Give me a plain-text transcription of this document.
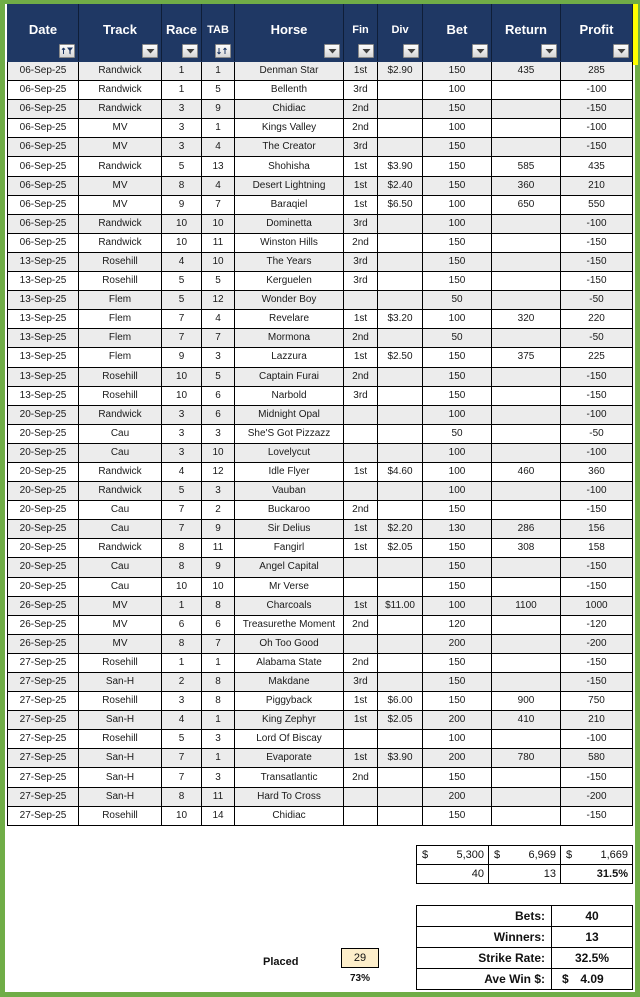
Date	Track	Race	TAB	Horse	Fin	Div	Bet	Return	Profit

06-Sep-25	Randwick	1	1	Denman Star	1st	$2.90	150	435	285
06-Sep-25	Randwick	1	5	Bellenth	3rd		100		-100
06-Sep-25	Randwick	3	9	Chidiac	2nd		150		-150
06-Sep-25	MV	3	1	Kings Valley	2nd		100		-100
06-Sep-25	MV	3	4	The Creator	3rd		150		-150
06-Sep-25	Randwick	5	13	Shohisha	1st	$3.90	150	585	435
06-Sep-25	MV	8	4	Desert Lightning	1st	$2.40	150	360	210
06-Sep-25	MV	9	7	Baraqiel	1st	$6.50	100	650	550
06-Sep-25	Randwick	10	10	Dominetta	3rd		100		-100
06-Sep-25	Randwick	10	11	Winston Hills	2nd		150		-150
13-Sep-25	Rosehill	4	10	The Years	3rd		150		-150
13-Sep-25	Rosehill	5	5	Kerguelen	3rd		150		-150
13-Sep-25	Flem	5	12	Wonder Boy			50		-50
13-Sep-25	Flem	7	4	Revelare	1st	$3.20	100	320	220
13-Sep-25	Flem	7	7	Mormona	2nd		50		-50
13-Sep-25	Flem	9	3	Lazzura	1st	$2.50	150	375	225
13-Sep-25	Rosehill	10	5	Captain Furai	2nd		150		-150
13-Sep-25	Rosehill	10	6	Narbold	3rd		150		-150
20-Sep-25	Randwick	3	6	Midnight Opal			100		-100
20-Sep-25	Cau	3	3	She'S Got Pizzazz			50		-50
20-Sep-25	Cau	3	10	Lovelycut			100		-100
20-Sep-25	Randwick	4	12	Idle Flyer	1st	$4.60	100	460	360
20-Sep-25	Randwick	5	3	Vauban			100		-100
20-Sep-25	Cau	7	2	Buckaroo	2nd		150		-150
20-Sep-25	Cau	7	9	Sir Delius	1st	$2.20	130	286	156
20-Sep-25	Randwick	8	11	Fangirl	1st	$2.05	150	308	158
20-Sep-25	Cau	8	9	Angel Capital			150		-150
20-Sep-25	Cau	10	10	Mr Verse			150		-150
26-Sep-25	MV	1	8	Charcoals	1st	$11.00	100	1100	1000
26-Sep-25	MV	6	6	Treasurethe Moment	2nd		120		-120
26-Sep-25	MV	8	7	Oh Too Good			200		-200
27-Sep-25	Rosehill	1	1	Alabama State	2nd		150		-150
27-Sep-25	San-H	2	8	Makdane	3rd		150		-150
27-Sep-25	Rosehill	3	8	Piggyback	1st	$6.00	150	900	750
27-Sep-25	San-H	4	1	King Zephyr	1st	$2.05	200	410	210
27-Sep-25	Rosehill	5	3	Lord Of Biscay			100		-100
27-Sep-25	San-H	7	1	Evaporate	1st	$3.90	200	780	580
27-Sep-25	San-H	7	3	Transatlantic	2nd		150		-150
27-Sep-25	San-H	8	11	Hard To Cross			200		-200
27-Sep-25	Rosehill	10	14	Chidiac			150		-150
$ 5,300	$ 6,969	$ 1,669
40	13	31.5%
Bets:	40
Winners:	13
Strike Rate:	32.5%
Ave Win $:	$ 4.09
Placed	29
73%
